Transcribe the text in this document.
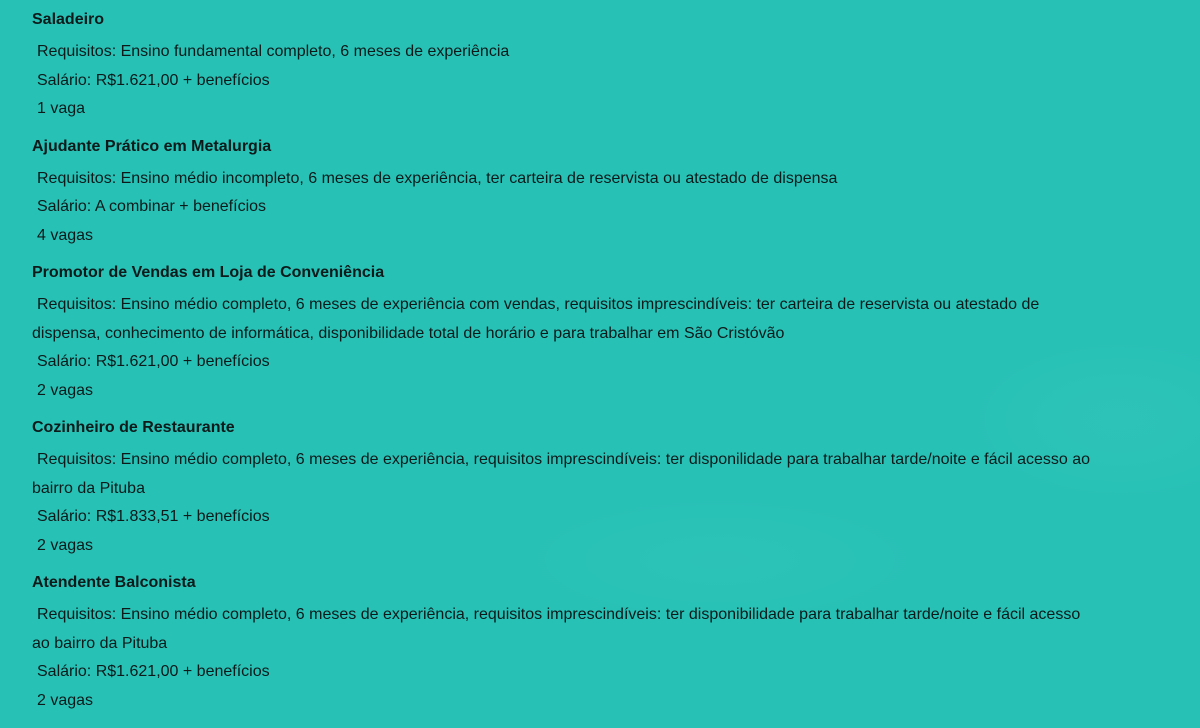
Saladeiro
Requisitos: Ensino fundamental completo, 6 meses de experiência
Salário: R$1.621,00 + benefícios
1 vaga
Ajudante Prático em Metalurgia
Requisitos: Ensino médio incompleto, 6 meses de experiência, ter carteira de reservista ou atestado de dispensa
Salário: A combinar + benefícios
4 vagas
Promotor de Vendas em Loja de Conveniência
Requisitos: Ensino médio completo, 6 meses de experiência com vendas, requisitos imprescindíveis: ter carteira de reservista ou atestado de dispensa, conhecimento de informática, disponibilidade total de horário e para trabalhar em São Cristóvão
Salário: R$1.621,00 + benefícios
2 vagas
Cozinheiro de Restaurante
Requisitos: Ensino médio completo, 6 meses de experiência, requisitos imprescindíveis: ter disponilidade para trabalhar tarde/noite e fácil acesso ao bairro da Pituba
Salário: R$1.833,51 + benefícios
2 vagas
Atendente Balconista
Requisitos: Ensino médio completo, 6 meses de experiência, requisitos imprescindíveis: ter disponibilidade para trabalhar tarde/noite e fácil acesso ao bairro da Pituba
Salário: R$1.621,00 + benefícios
2 vagas
